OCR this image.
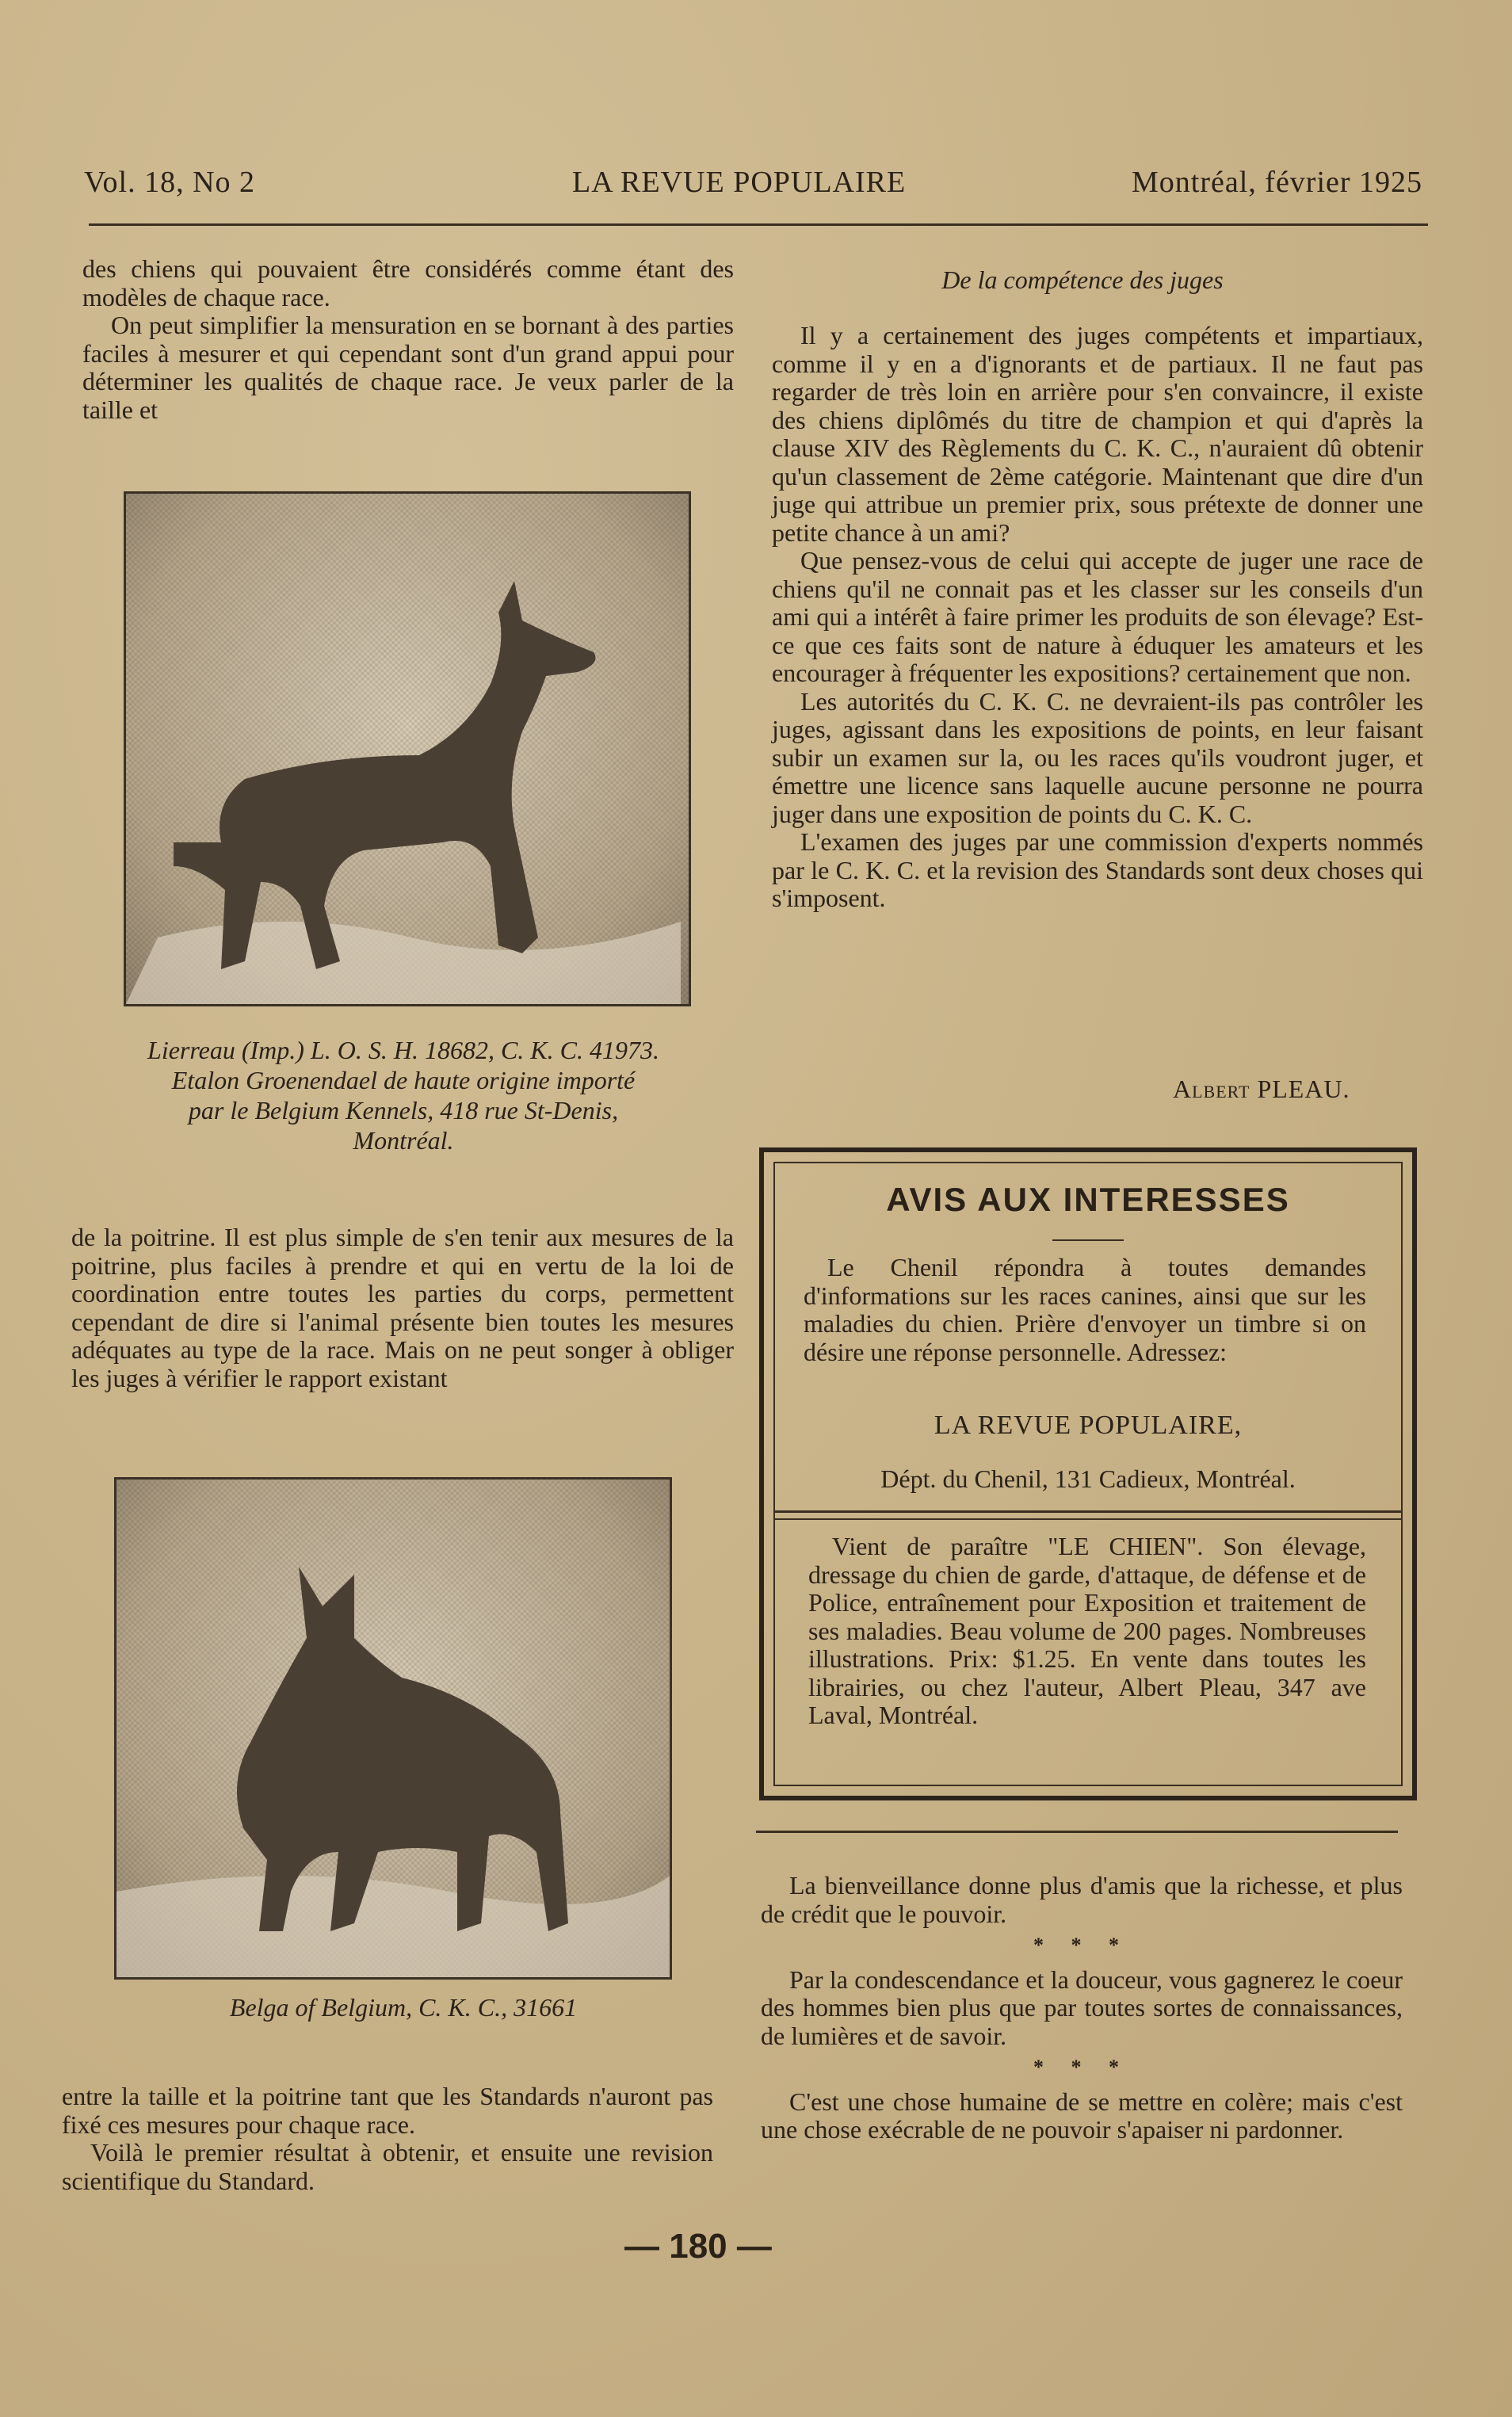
Vol. 18, No 2	LA REVUE POPULAIRE	Montréal, février 1925

des chiens qui pouvaient être considérés comme étant des modèles de chaque race.

On peut simplifier la mensuration en se bornant à des parties faciles à mesurer et qui cependant sont d'un grand appui pour déterminer les qualités de chaque race. Je veux parler de la taille et

Lierreau (Imp.) L. O. S. H. 18682, C. K. C. 41973.
Etalon Groenendael de haute origine importé
par le Belgium Kennels, 418 rue St-Denis,
Montréal.

de la poitrine. Il est plus simple de s'en tenir aux mesures de la poitrine, plus faciles à prendre et qui en vertu de la loi de coordination entre toutes les parties du corps, permettent cependant de dire si l'animal présente bien toutes les mesures adéquates au type de la race. Mais on ne peut songer à obliger les juges à vérifier le rapport existant

Belga of Belgium, C. K. C., 31661

entre la taille et la poitrine tant que les Standards n'auront pas fixé ces mesures pour chaque race.

Voilà le premier résultat à obtenir, et ensuite une revision scientifique du Standard.

De la compétence des juges

Il y a certainement des juges compétents et impartiaux, comme il y en a d'ignorants et de partiaux. Il ne faut pas regarder de très loin en arrière pour s'en convaincre, il existe des chiens diplômés du titre de champion et qui d'après la clause XIV des Règlements du C. K. C., n'auraient dû obtenir qu'un classement de 2ème catégorie. Maintenant que dire d'un juge qui attribue un premier prix, sous prétexte de donner une petite chance à un ami?

Que pensez-vous de celui qui accepte de juger une race de chiens qu'il ne connait pas et les classer sur les conseils d'un ami qui a intérêt à faire primer les produits de son élevage? Est-ce que ces faits sont de nature à éduquer les amateurs et les encourager à fréquenter les expositions? certainement que non.

Les autorités du C. K. C. ne devraient-ils pas contrôler les juges, agissant dans les expositions de points, en leur faisant subir un examen sur la, ou les races qu'ils voudront juger, et émettre une licence sans laquelle aucune personne ne pourra juger dans une exposition de points du C. K. C.

L'examen des juges par une commission d'experts nommés par le C. K. C. et la revision des Standards sont deux choses qui s'imposent.

Albert PLEAU.
AVIS AUX INTERESSES

Le Chenil répondra à toutes demandes d'informations sur les races canines, ainsi que sur les maladies du chien. Prière d'envoyer un timbre si on désire une réponse personnelle. Adressez:

LA REVUE POPULAIRE,
Dépt. du Chenil, 131 Cadieux, Montréal.

Vient de paraître "LE CHIEN". Son élevage, dressage du chien de garde, d'attaque, de défense et de Police, entraînement pour Exposition et traitement de ses maladies. Beau volume de 200 pages. Nombreuses illustrations. Prix: $1.25. En vente dans toutes les librairies, ou chez l'auteur, Albert Pleau, 347 ave Laval, Montréal.

La bienveillance donne plus d'amis que la richesse, et plus de crédit que le pouvoir.

* * *

Par la condescendance et la douceur, vous gagnerez le coeur des hommes bien plus que par toutes sortes de connaissances, de lumières et de savoir.

* * *

C'est une chose humaine de se mettre en colère; mais c'est une chose exécrable de ne pouvoir s'apaiser ni pardonner.

— 180 —
